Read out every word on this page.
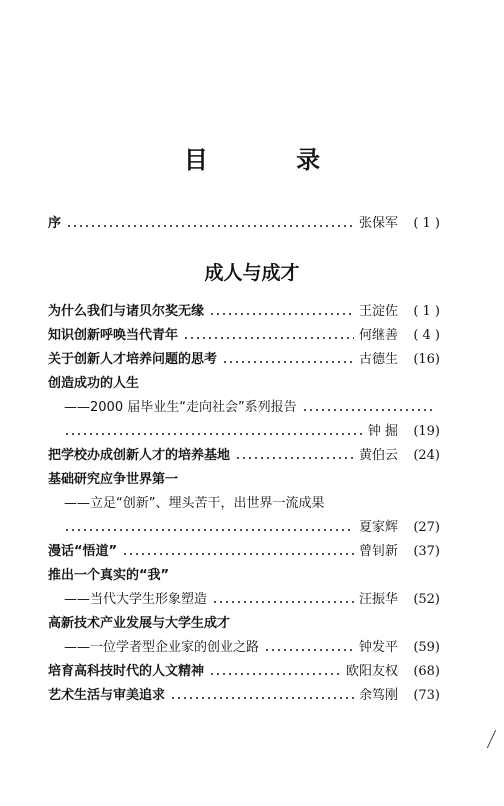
目 录
序	张保军	( 1 )
成人与成才
为什么我们与诸贝尔奖无缘	王淀佐	( 1 )
知识创新呼唤当代青年	何继善	( 4 )
关于创新人才培养问题的思考	古德生	(16)
创造成功的人生
——2000 届毕业生“走向社会”系列报告
钟 掘	(19)
把学校办成创新人才的培养基地	黄伯云	(24)
基础研究应争世界第一
——立足“创新”、埋头苦干，出世界一流成果
夏家辉	(27)
漫话“悟道”	曾钊新	(37)
推出一个真实的“我”
——当代大学生形象塑造	汪振华	(52)
高新技术产业发展与大学生成才
——一位学者型企业家的创业之路	钟发平	(59)
培育高科技时代的人文精神	欧阳友权	(68)
艺术生活与审美追求	余笃刚	(73)
